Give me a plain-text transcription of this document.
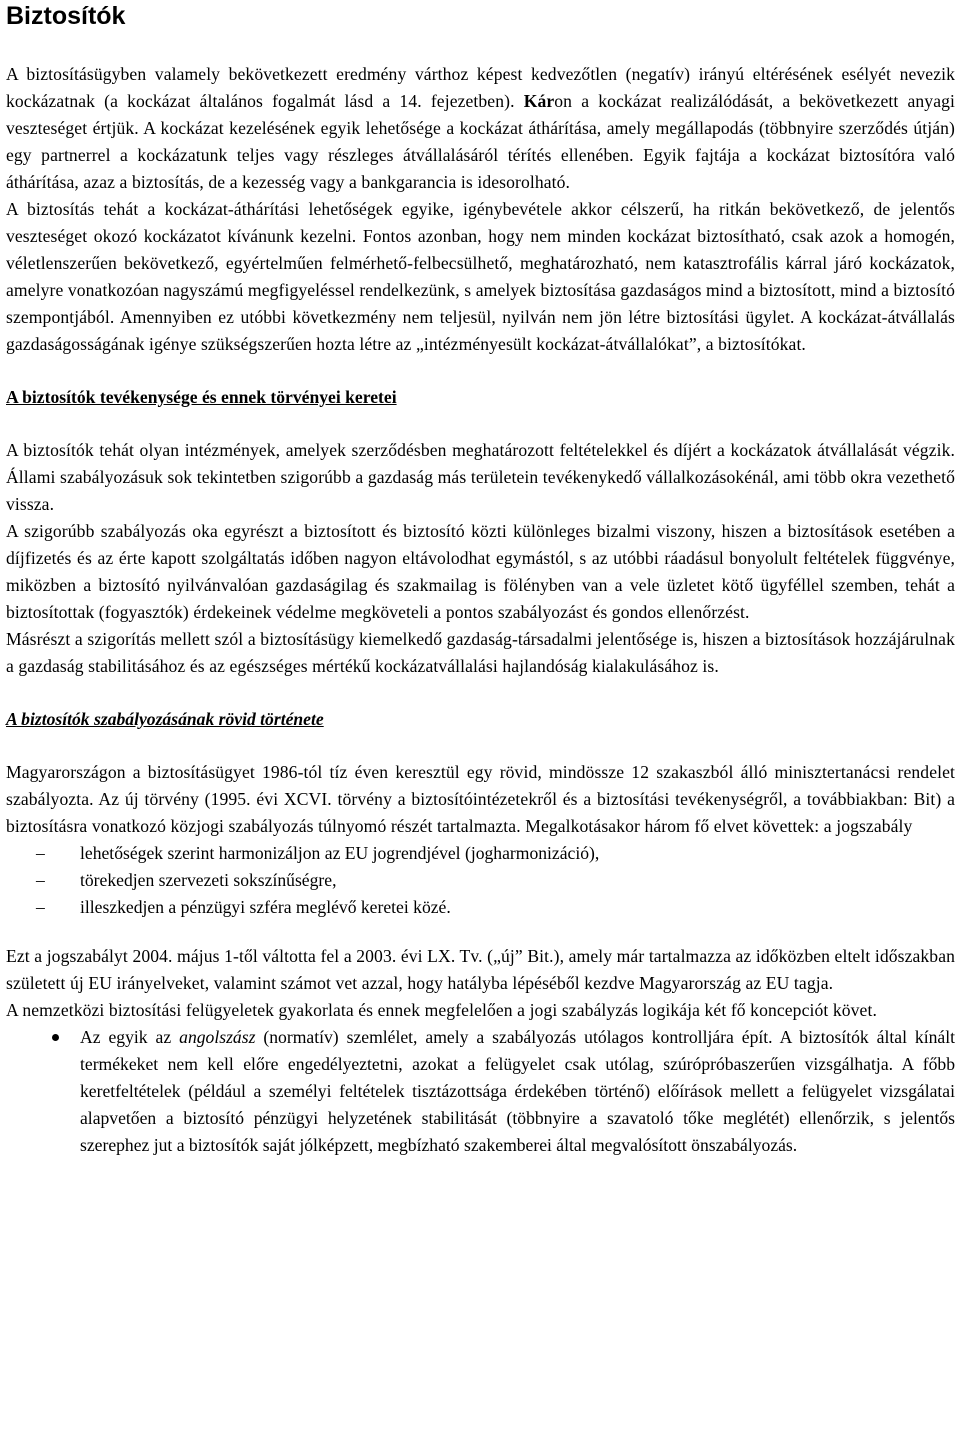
Biztosítók

A biztosításügyben valamely bekövetkezett eredmény várthoz képest kedvezőtlen (negatív) irányú eltérésének esélyét nevezik kockázatnak (a kockázat általános fogalmát lásd a 14. fejezetben). Káron a kockázat realizálódását, a bekövetkezett anyagi veszteséget értjük. A kockázat kezelésének egyik lehetősége a kockázat áthárítása, amely megállapodás (többnyire szerződés útján) egy partnerrel a kockázatunk teljes vagy részleges átvállalásáról térítés ellenében. Egyik fajtája a kockázat biztosítóra való áthárítása, azaz a biztosítás, de a kezesség vagy a bankgarancia is idesorolható.

A biztosítás tehát a kockázat-áthárítási lehetőségek egyike, igénybevétele akkor célszerű, ha ritkán bekövetkező, de jelentős veszteséget okozó kockázatot kívánunk kezelni. Fontos azonban, hogy nem minden kockázat biztosítható, csak azok a homogén, véletlenszerűen bekövetkező, egyértelműen felmérhető-felbecsülhető, meghatározható, nem katasztrofális kárral járó kockázatok, amelyre vonatkozóan nagyszámú megfigyeléssel rendelkezünk, s amelyek biztosítása gazdaságos mind a biztosított, mind a biztosító szempontjából. Amennyiben ez utóbbi következmény nem teljesül, nyilván nem jön létre biztosítási ügylet. A kockázat-átvállalás gazdaságosságának igénye szükségszerűen hozta létre az „intézményesült kockázat-átvállalókat”, a biztosítókat.

A biztosítók tevékenysége és ennek törvényei keretei

A biztosítók tehát olyan intézmények, amelyek szerződésben meghatározott feltételekkel és díjért a kockázatok átvállalását végzik. Állami szabályozásuk sok tekintetben szigorúbb a gazdaság más területein tevékenykedő vállalkozásokénál, ami több okra vezethető vissza.

A szigorúbb szabályozás oka egyrészt a biztosított és biztosító közti különleges bizalmi viszony, hiszen a biztosítások esetében a díjfizetés és az érte kapott szolgáltatás időben nagyon eltávolodhat egymástól, s az utóbbi ráadásul bonyolult feltételek függvénye, miközben a biztosító nyilvánvalóan gazdaságilag és szakmailag is fölényben van a vele üzletet kötő ügyféllel szemben, tehát a biztosítottak (fogyasztók) érdekeinek védelme megköveteli a pontos szabályozást és gondos ellenőrzést.

Másrészt a szigorítás mellett szól a biztosításügy kiemelkedő gazdaság-társadalmi jelentősége is, hiszen a biztosítások hozzájárulnak a gazdaság stabilitásához és az egészséges mértékű kockázatvállalási hajlandóság kialakulásához is.

A biztosítók szabályozásának rövid története

Magyarországon a biztosításügyet 1986-tól tíz éven keresztül egy rövid, mindössze 12 szakaszból álló minisztertanácsi rendelet szabályozta. Az új törvény (1995. évi XCVI. törvény a biztosítóintézetekről és a biztosítási tevékenységről, a továbbiakban: Bit) a biztosításra vonatkozó közjogi szabályozás túlnyomó részét tartalmazta. Megalkotásakor három fő elvet követtek: a jogszabály

– lehetőségek szerint harmonizáljon az EU jogrendjével (jogharmonizáció),
– törekedjen szervezeti sokszínűségre,
– illeszkedjen a pénzügyi szféra meglévő keretei közé.

Ezt a jogszabályt 2004. május 1-től váltotta fel a 2003. évi LX. Tv. („új” Bit.), amely már tartalmazza az időközben eltelt időszakban született új EU irányelveket, valamint számot vet azzal, hogy hatályba lépéséből kezdve Magyarország az EU tagja.

A nemzetközi biztosítási felügyeletek gyakorlata és ennek megfelelően a jogi szabályzás logikája két fő koncepciót követ.

Az egyik az angolszász (normatív) szemlélet, amely a szabályozás utólagos kontrolljára épít. A biztosítók által kínált termékeket nem kell előre engedélyeztetni, azokat a felügyelet csak utólag, szúrópróbaszerűen vizsgálhatja. A főbb keretfeltételek (például a személyi feltételek tisztázottsága érdekében történő) előírások mellett a felügyelet vizsgálatai alapvetően a biztosító pénzügyi helyzetének stabilitását (többnyire a szavatoló tőke meglétét) ellenőrzik, s jelentős szerephez jut a biztosítók saját jólképzett, megbízható szakemberei által megvalósított önszabályozás.
